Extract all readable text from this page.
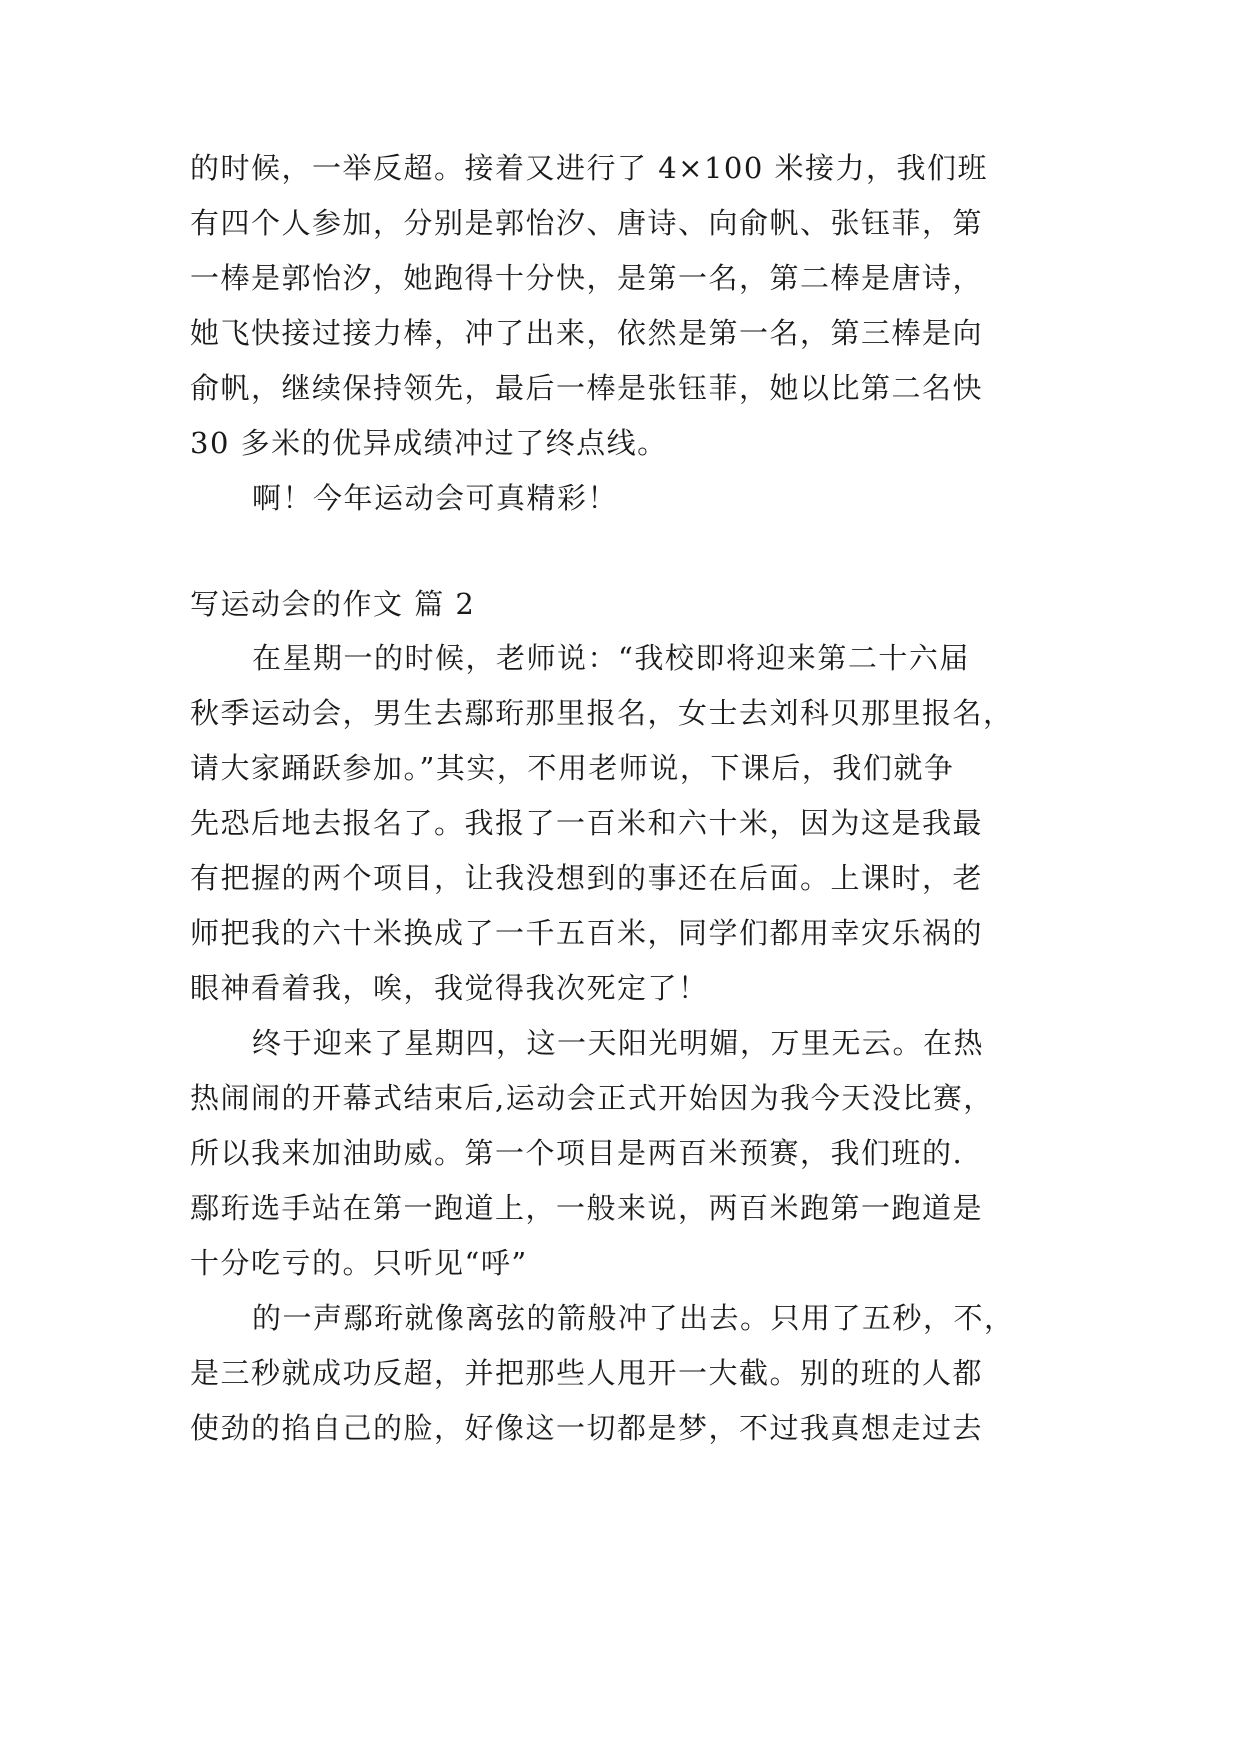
的时候，一举反超。接着又进行了 4×100 米接力，我们班
有四个人参加，分别是郭怡汐、唐诗、向俞帆、张钰菲，第
一棒是郭怡汐，她跑得十分快，是第一名，第二棒是唐诗，
她飞快接过接力棒，冲了出来，依然是第一名，第三棒是向
俞帆，继续保持领先，最后一棒是张钰菲，她以比第二名快
30 多米的优异成绩冲过了终点线。
啊！今年运动会可真精彩！
写运动会的作文 篇 2
在星期一的时候，老师说：“我校即将迎来第二十六届
秋季运动会，男生去鄢珩那里报名，女士去刘科贝那里报名，
请大家踊跃参加。”其实，不用老师说，下课后，我们就争
先恐后地去报名了。我报了一百米和六十米，因为这是我最
有把握的两个项目，让我没想到的事还在后面。上课时，老
师把我的六十米换成了一千五百米，同学们都用幸灾乐祸的
眼神看着我，唉，我觉得我次死定了！
终于迎来了星期四，这一天阳光明媚，万里无云。在热
热闹闹的开幕式结束后,运动会正式开始因为我今天没比赛，
所以我来加油助威。第一个项目是两百米预赛，我们班的.
鄢珩选手站在第一跑道上，一般来说，两百米跑第一跑道是
十分吃亏的。只听见“呼”
的一声鄢珩就像离弦的箭般冲了出去。只用了五秒，不，
是三秒就成功反超，并把那些人甩开一大截。别的班的人都
使劲的掐自己的脸，好像这一切都是梦，不过我真想走过去
